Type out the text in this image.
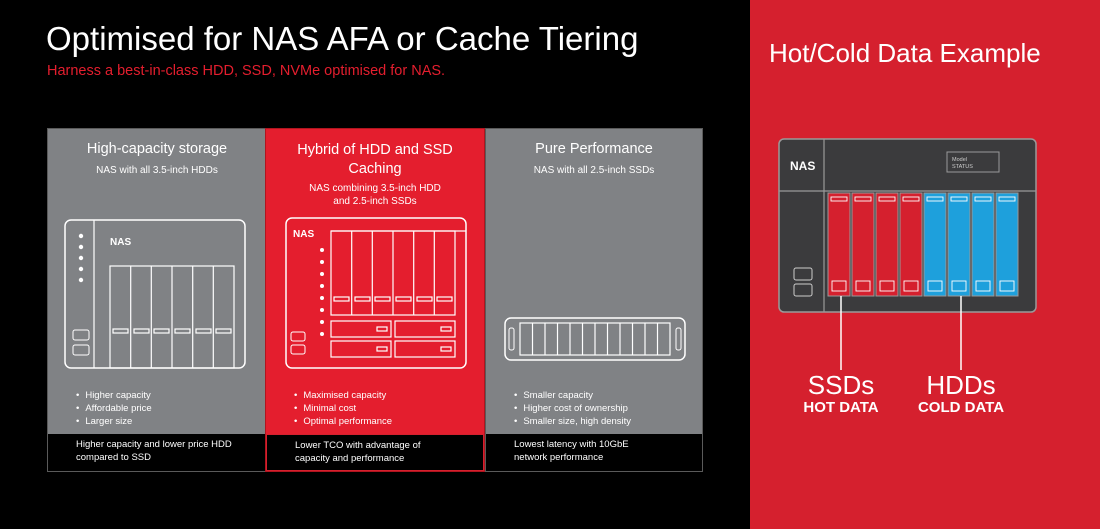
Optimised for NAS AFA or Cache Tiering
Harness a best-in-class HDD, SSD, NVMe optimised for NAS.
High-capacity storage
NAS with all 3.5-inch HDDs
NAS
• Higher capacity
• Affordable price
• Larger size
Higher capacity and lower price HDD
compared to SSD
Hybrid of HDD and SSD
Caching
NAS combining 3.5-inch HDD
and 2.5-inch SSDs
NAS
• Maximised capacity
• Minimal cost
• Optimal performance
Lower TCO with advantage of
capacity and performance
Pure Performance
NAS with all 2.5-inch SSDs
• Smaller capacity
• Higher cost of ownership
• Smaller size, high density
Lowest latency with 10GbE
network performance
Hot/Cold Data Example
NAS	Model
STATUS
SSDs
HOT DATA
HDDs
COLD DATA
